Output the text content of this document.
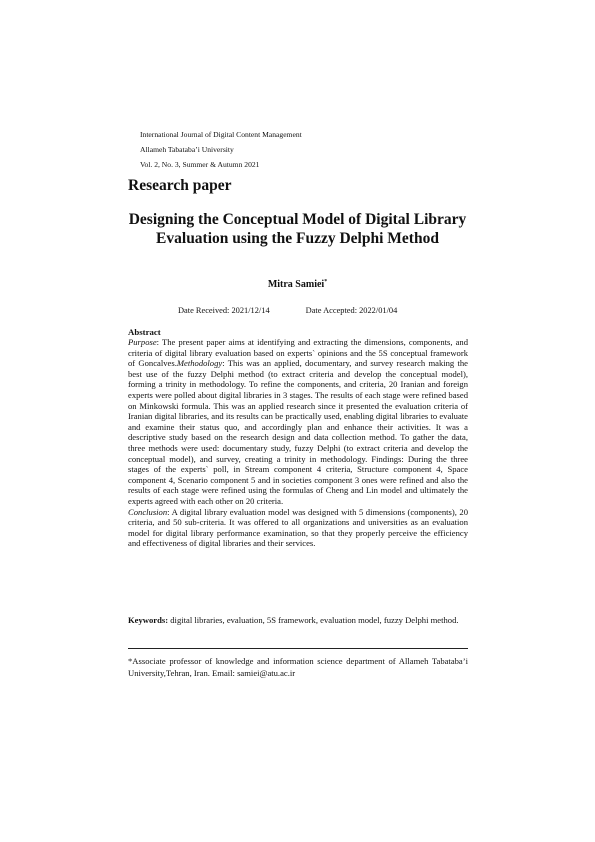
International Journal of Digital Content Management
Allameh Tabataba’i University
Vol. 2, No. 3, Summer & Autumn 2021
Research paper
Designing the Conceptual Model of Digital Library Evaluation using the Fuzzy Delphi Method
Mitra Samiei*
Date Received: 2021/12/14	Date Accepted: 2022/01/04
Abstract

Purpose: The present paper aims at identifying and extracting the dimensions, components, and criteria of digital library evaluation based on experts` opinions and the 5S conceptual framework of Goncalves.Methodology: This was an applied, documentary, and survey research making the best use of the fuzzy Delphi method (to extract criteria and develop the conceptual model), forming a trinity in methodology. To refine the components, and criteria, 20 Iranian and foreign experts were polled about digital libraries in 3 stages. The results of each stage were refined based on Minkowski formula. This was an applied research since it presented the evaluation criteria of Iranian digital libraries, and its results can be practically used, enabling digital libraries to evaluate and examine their status quo, and accordingly plan and enhance their activities. It was a descriptive study based on the research design and data collection method. To gather the data, three methods were used: documentary study, fuzzy Delphi (to extract criteria and develop the conceptual model), and survey, creating a trinity in methodology. Findings: During the three stages of the experts` poll, in Stream component 4 criteria, Structure component 4, Space component 4, Scenario component 5 and in societies component 3 ones were refined and also the results of each stage were refined using the formulas of Cheng and Lin model and ultimately the experts agreed with each other on 20 criteria.

Conclusion: A digital library evaluation model was designed with 5 dimensions (components), 20 criteria, and 50 sub-criteria. It was offered to all organizations and universities as an evaluation model for digital library performance examination, so that they properly perceive the efficiency and effectiveness of digital libraries and their services.

Keywords: digital libraries, evaluation, 5S framework, evaluation model, fuzzy Delphi method.
*Associate professor of knowledge and information science department of Allameh Tabataba’i University,Tehran, Iran. Email: samiei@atu.ac.ir
